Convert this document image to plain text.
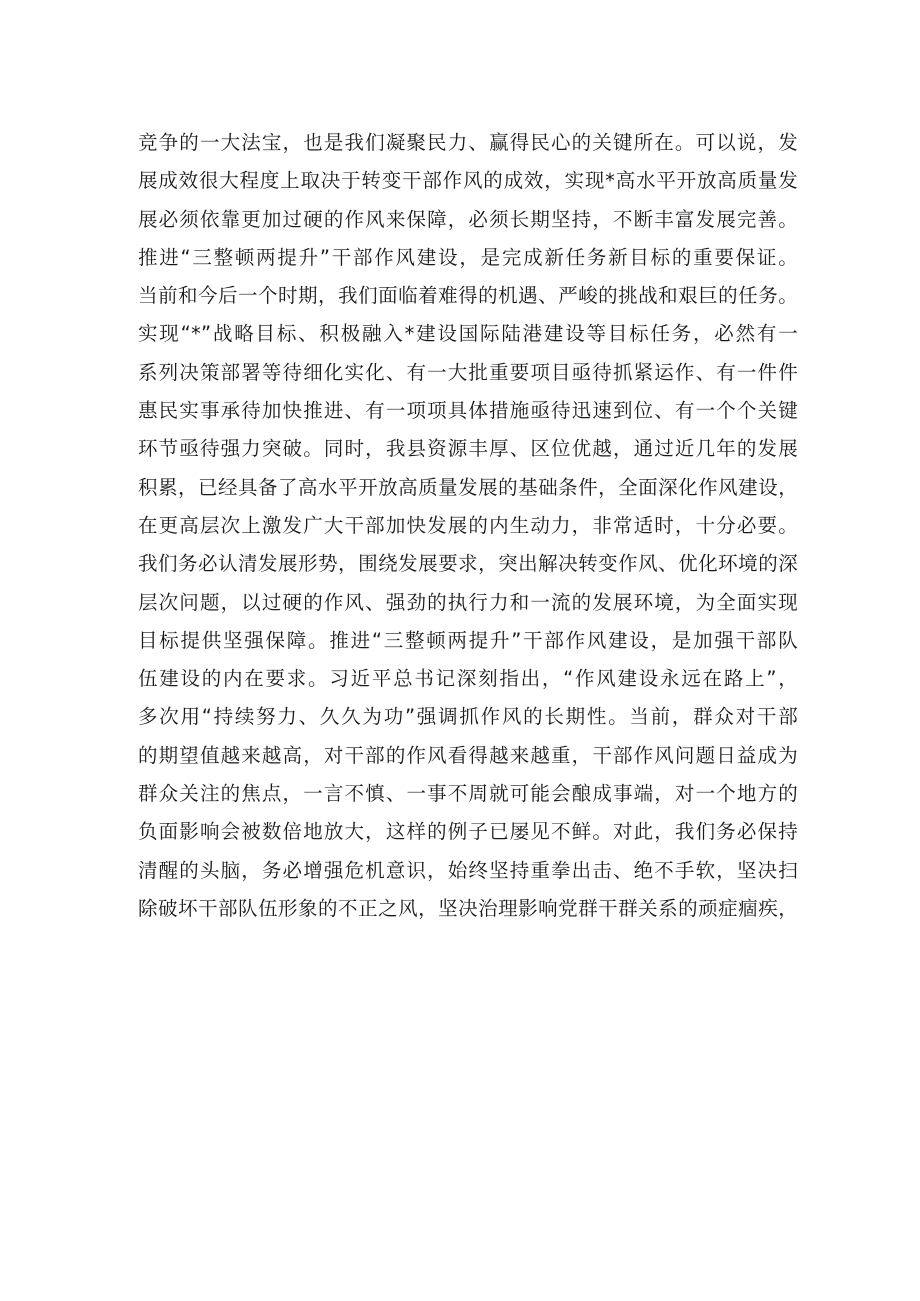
竞争的一大法宝，也是我们凝聚民力、赢得民心的关键所在。可以说，发
展成效很大程度上取决于转变干部作风的成效，实现*高水平开放高质量发
展必须依靠更加过硬的作风来保障，必须长期坚持，不断丰富发展完善。
推进“三整顿两提升”干部作风建设，是完成新任务新目标的重要保证。
当前和今后一个时期，我们面临着难得的机遇、严峻的挑战和艰巨的任务。
实现“*”战略目标、积极融入*建设国际陆港建设等目标任务，必然有一
系列决策部署等待细化实化、有一大批重要项目亟待抓紧运作、有一件件
惠民实事承待加快推进、有一项项具体措施亟待迅速到位、有一个个关键
环节亟待强力突破。同时，我县资源丰厚、区位优越，通过近几年的发展
积累，已经具备了高水平开放高质量发展的基础条件，全面深化作风建设，
在更高层次上激发广大干部加快发展的内生动力，非常适时，十分必要。
我们务必认清发展形势，围绕发展要求，突出解决转变作风、优化环境的深
层次问题，以过硬的作风、强劲的执行力和一流的发展环境，为全面实现
目标提供坚强保障。推进“三整顿两提升”干部作风建设，是加强干部队
伍建设的内在要求。习近平总书记深刻指出，“作风建设永远在路上”，
多次用“持续努力、久久为功”强调抓作风的长期性。当前，群众对干部
的期望值越来越高，对干部的作风看得越来越重，干部作风问题日益成为
群众关注的焦点，一言不慎、一事不周就可能会酿成事端，对一个地方的
负面影响会被数倍地放大，这样的例子已屡见不鲜。对此，我们务必保持
清醒的头脑，务必增强危机意识，始终坚持重拳出击、绝不手软，坚决扫
除破坏干部队伍形象的不正之风，坚决治理影响党群干群关系的顽症痼疾，
